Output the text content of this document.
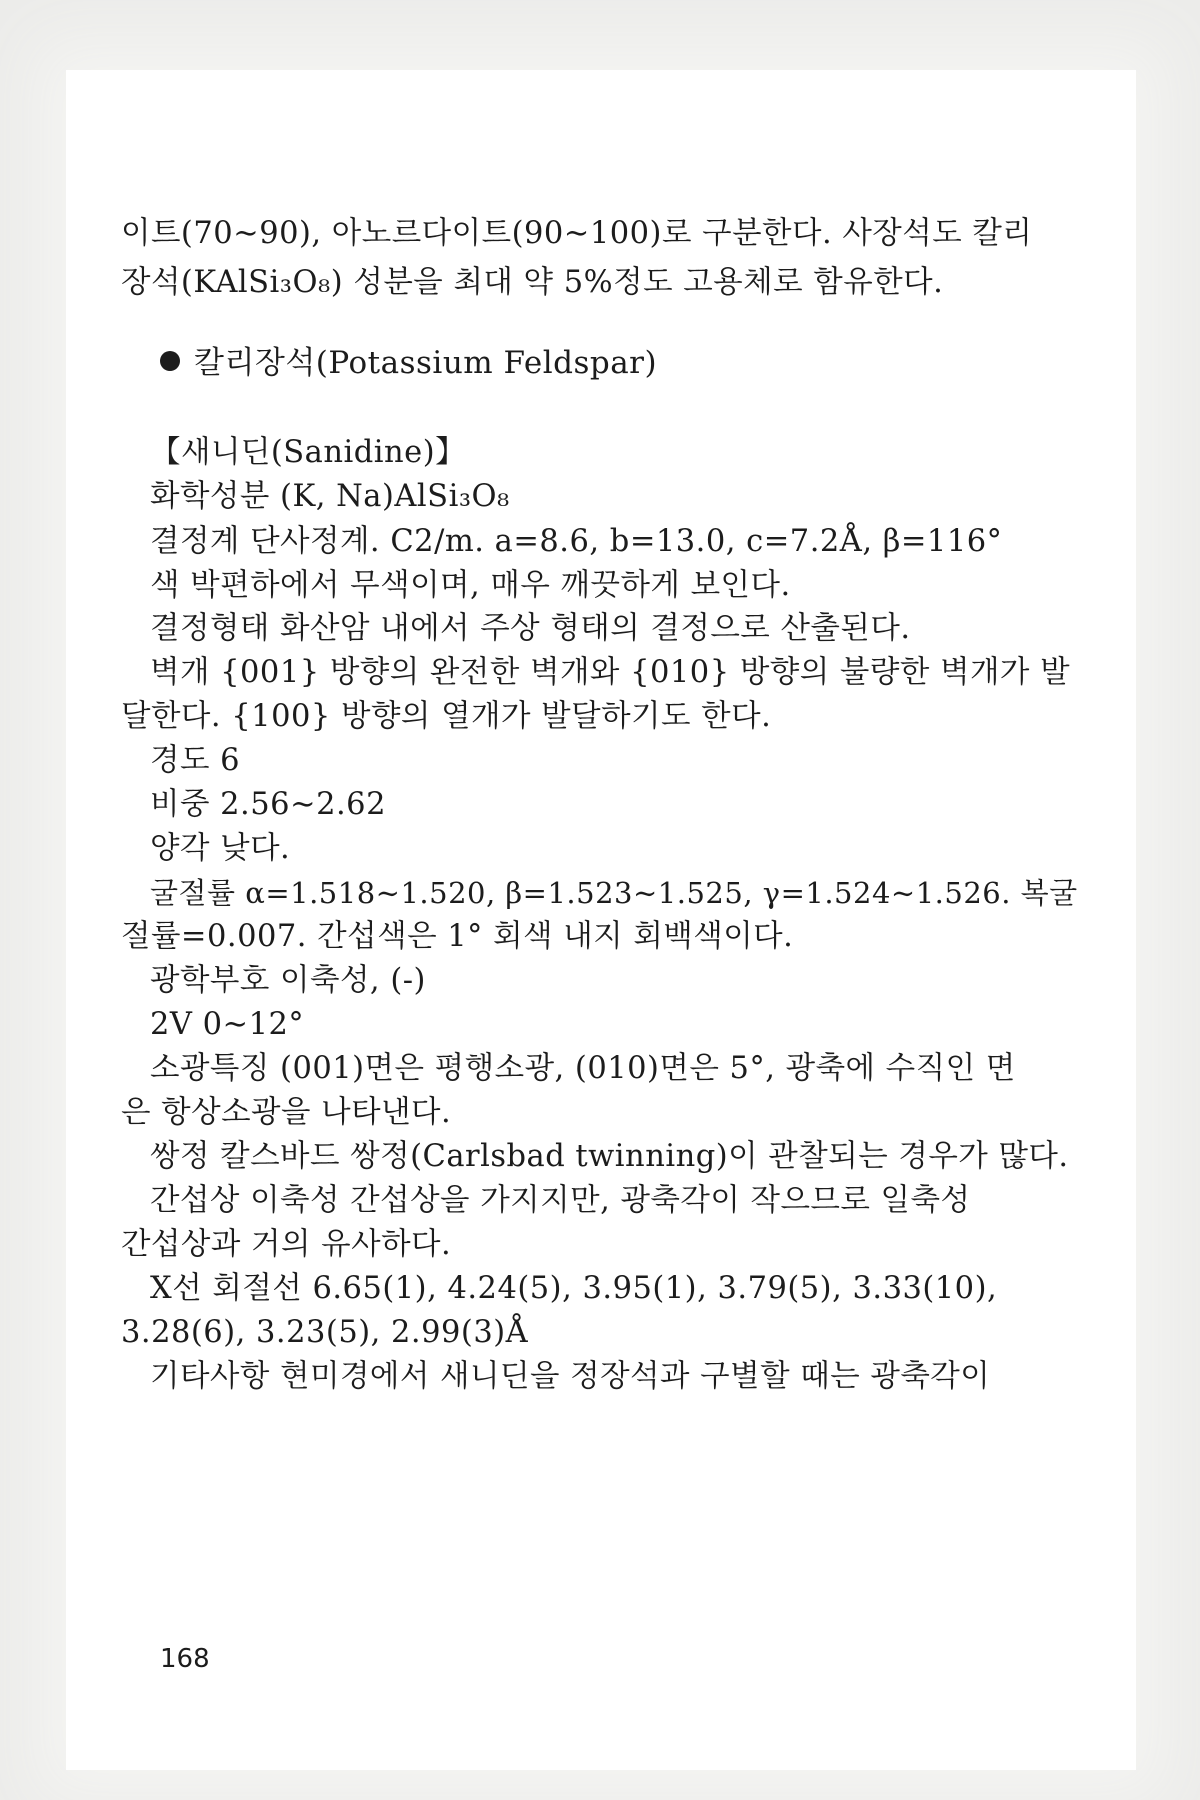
이트(70∼90), 아노르다이트(90∼100)로 구분한다. 사장석도 칼리
장석(KAlSi₃O₈) 성분을 최대 약 5%정도 고용체로 함유한다.
칼리장석(Potassium Feldspar)
【새니딘(Sanidine)】
화학성분 (K, Na)AlSi₃O₈
결정계 단사정계. C2/m. a=8.6, b=13.0, c=7.2Å, β=116°
색 박편하에서 무색이며, 매우 깨끗하게 보인다.
결정형태 화산암 내에서 주상 형태의 결정으로 산출된다.
벽개 {001} 방향의 완전한 벽개와 {010} 방향의 불량한 벽개가 발
달한다. {100} 방향의 열개가 발달하기도 한다.
경도 6
비중 2.56∼2.62
양각 낮다.
굴절률 α=1.518∼1.520, β=1.523∼1.525, γ=1.524∼1.526. 복굴
절률=0.007. 간섭색은 1° 회색 내지 회백색이다.
광학부호 이축성, (-)
2V 0∼12°
소광특징 (001)면은 평행소광, (010)면은 5°, 광축에 수직인 면
은 항상소광을 나타낸다.
쌍정 칼스바드 쌍정(Carlsbad twinning)이 관찰되는 경우가 많다.
간섭상 이축성 간섭상을 가지지만, 광축각이 작으므로 일축성
간섭상과 거의 유사하다.
X선 회절선 6.65(1), 4.24(5), 3.95(1), 3.79(5), 3.33(10),
3.28(6), 3.23(5), 2.99(3)Å
기타사항 현미경에서 새니딘을 정장석과 구별할 때는 광축각이
168
